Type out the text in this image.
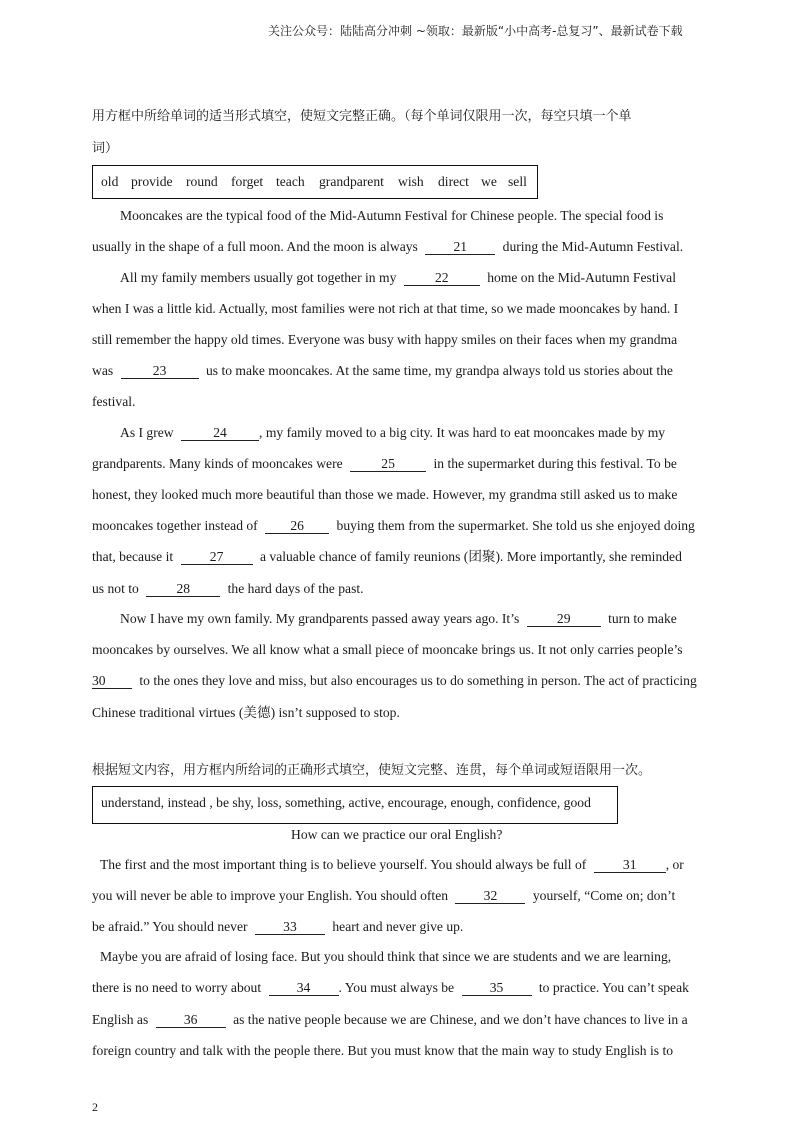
关注公众号：陆陆高分冲刺 ~领取：最新版“小中高考-总复习”、最新试卷下载
用方框中所给单词的适当形式填空，使短文完整正确。（每个单词仅限用一次，每空只填一个单
词）
old provide round forget teach grandparent wish direct we sell
Mooncakes are the typical food of the Mid-Autumn Festival for Chinese people. The special food is
usually in the shape of a full moon. And the moon is always	21	during the Mid-Autumn Festival.
All my family members usually got together in my	22	home on the Mid-Autumn Festival
when I was a little kid. Actually, most families were not rich at that time, so we made mooncakes by hand. I
still remember the happy old times. Everyone was busy with happy smiles on their faces when my grandma
was	23	us to make mooncakes. At the same time, my grandpa always told us stories about the
festival.
As I grew	24 , my family moved to a big city. It was hard to eat mooncakes made by my
grandparents. Many kinds of mooncakes were	25	in the supermarket during this festival. To be
honest, they looked much more beautiful than those we made. However, my grandma still asked us to make
mooncakes together instead of 26 buying them from the supermarket. She told us she enjoyed doing
that, because it	27	a valuable chance of family reunions (团聚). More importantly, she reminded
us not to	28	the hard days of the past.
Now I have my own family. My grandparents passed away years ago. It’s	29	turn to make
mooncakes by ourselves. We all know what a small piece of mooncake brings us. It not only carries people’s
30 to the ones they love and miss, but also encourages us to do something in person. The act of practicing
Chinese traditional virtues (美德) isn’t supposed to stop.
根据短文内容，用方框内所给词的正确形式填空，使短文完整、连贯，每个单词或短语限用一次。
understand, instead , be shy, loss, something, active, encourage, enough, confidence, good
How can we practice our oral English?
The first and the most important thing is to believe yourself. You should always be full of	31 , or
you will never be able to improve your English. You should often	32	yourself, “Come on; don’t
be afraid.” You should never	33	heart and never give up.
Maybe you are afraid of losing face. But you should think that since we are students and we are learning,
there is no need to worry about	34 . You must always be	35	to practice. You can’t speak
English as	36	as the native people because we are Chinese, and we don’t have chances to live in a
foreign country and talk with the people there. But you must know that the main way to study English is to
2
